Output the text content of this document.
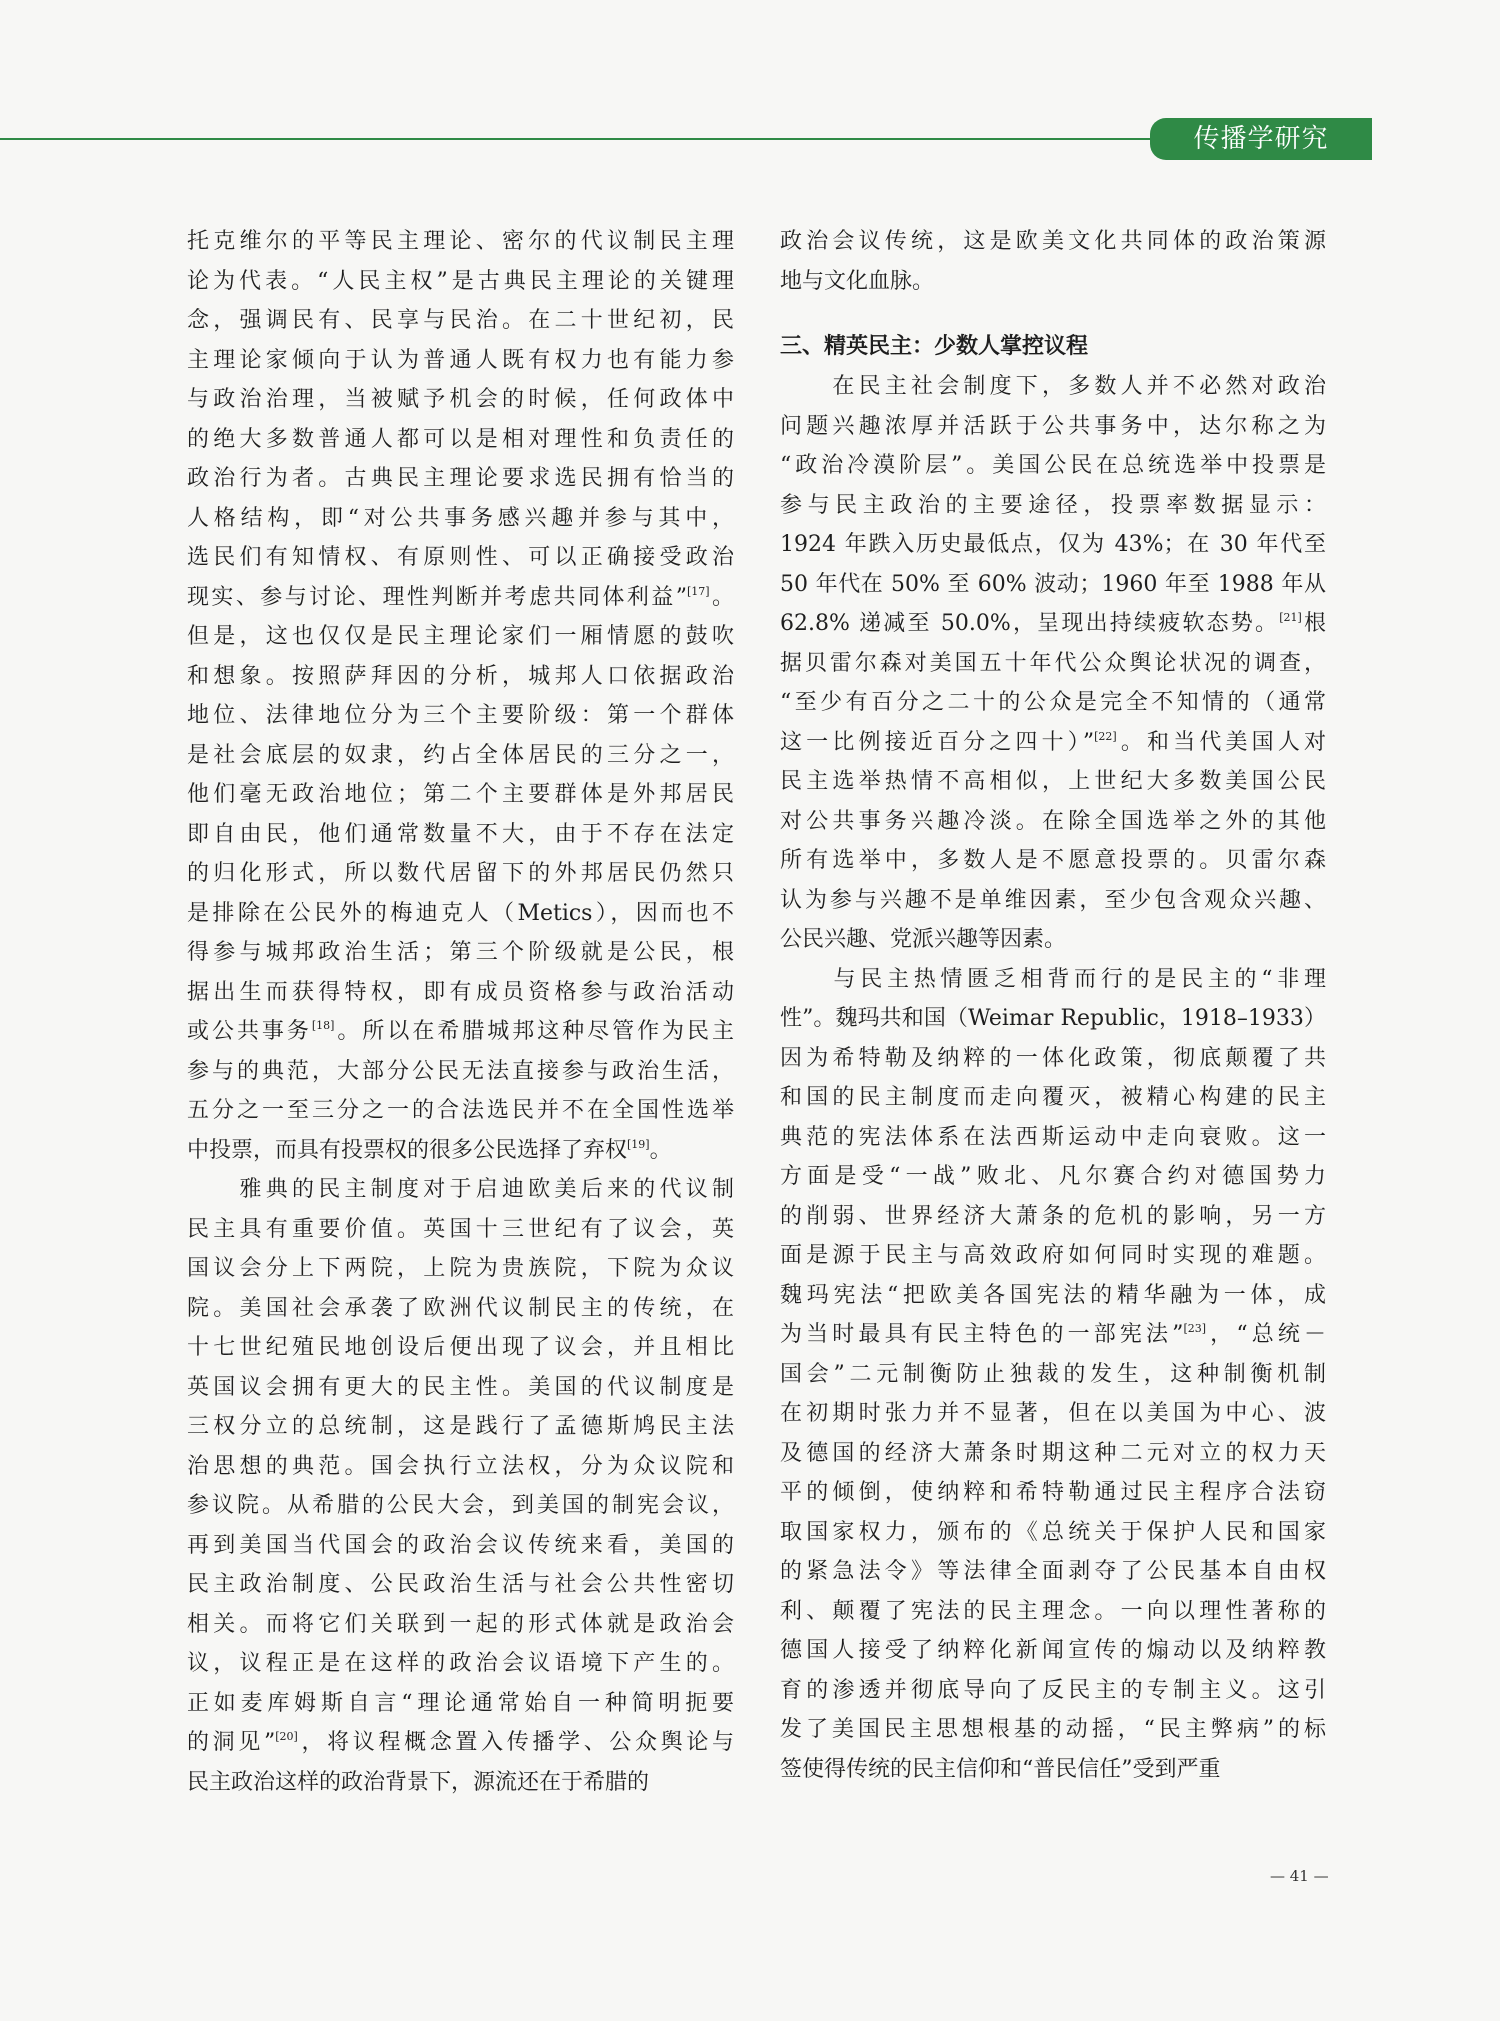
传播学研究
托克维尔的平等民主理论、密尔的代议制民主理
论为代表。“人民主权”是古典民主理论的关键理
念，强调民有、民享与民治。在二十世纪初，民
主理论家倾向于认为普通人既有权力也有能力参
与政治治理，当被赋予机会的时候，任何政体中
的绝大多数普通人都可以是相对理性和负责任的
政治行为者。古典民主理论要求选民拥有恰当的
人格结构，即“对公共事务感兴趣并参与其中，
选民们有知情权、有原则性、可以正确接受政治
现实、参与讨论、理性判断并考虑共同体利益”[17]。
但是，这也仅仅是民主理论家们一厢情愿的鼓吹
和想象。按照萨拜因的分析，城邦人口依据政治
地位、法律地位分为三个主要阶级：第一个群体
是社会底层的奴隶，约占全体居民的三分之一，
他们毫无政治地位；第二个主要群体是外邦居民
即自由民，他们通常数量不大，由于不存在法定
的归化形式，所以数代居留下的外邦居民仍然只
是排除在公民外的梅迪克人（Metics），因而也不
得参与城邦政治生活；第三个阶级就是公民，根
据出生而获得特权，即有成员资格参与政治活动
或公共事务[18]。所以在希腊城邦这种尽管作为民主
参与的典范，大部分公民无法直接参与政治生活，
五分之一至三分之一的合法选民并不在全国性选举
中投票，而具有投票权的很多公民选择了弃权[19]。
　　雅典的民主制度对于启迪欧美后来的代议制
民主具有重要价值。英国十三世纪有了议会，英
国议会分上下两院，上院为贵族院，下院为众议
院。美国社会承袭了欧洲代议制民主的传统，在
十七世纪殖民地创设后便出现了议会，并且相比
英国议会拥有更大的民主性。美国的代议制度是
三权分立的总统制，这是践行了孟德斯鸠民主法
治思想的典范。国会执行立法权，分为众议院和
参议院。从希腊的公民大会，到美国的制宪会议，
再到美国当代国会的政治会议传统来看，美国的
民主政治制度、公民政治生活与社会公共性密切
相关。而将它们关联到一起的形式体就是政治会
议，议程正是在这样的政治会议语境下产生的。
正如麦库姆斯自言“理论通常始自一种简明扼要
的洞见”[20]，将议程概念置入传播学、公众舆论与
民主政治这样的政治背景下，源流还在于希腊的
政治会议传统，这是欧美文化共同体的政治策源
地与文化血脉。
三、精英民主：少数人掌控议程
　　在民主社会制度下，多数人并不必然对政治
问题兴趣浓厚并活跃于公共事务中，达尔称之为
“政治冷漠阶层”。美国公民在总统选举中投票是
参与民主政治的主要途径，投票率数据显示：
1924 年跌入历史最低点，仅为 43%；在 30 年代至
50 年代在 50% 至 60% 波动；1960 年至 1988 年从
62.8% 递减至 50.0%，呈现出持续疲软态势。[21]根
据贝雷尔森对美国五十年代公众舆论状况的调查，
“至少有百分之二十的公众是完全不知情的（通常
这一比例接近百分之四十）”[22]。和当代美国人对
民主选举热情不高相似，上世纪大多数美国公民
对公共事务兴趣冷淡。在除全国选举之外的其他
所有选举中，多数人是不愿意投票的。贝雷尔森
认为参与兴趣不是单维因素，至少包含观众兴趣、
公民兴趣、党派兴趣等因素。
　　与民主热情匮乏相背而行的是民主的“非理
性”。魏玛共和国（Weimar Republic，1918–1933）
因为希特勒及纳粹的一体化政策，彻底颠覆了共
和国的民主制度而走向覆灭，被精心构建的民主
典范的宪法体系在法西斯运动中走向衰败。这一
方面是受“一战”败北、凡尔赛合约对德国势力
的削弱、世界经济大萧条的危机的影响，另一方
面是源于民主与高效政府如何同时实现的难题。
魏玛宪法“把欧美各国宪法的精华融为一体，成
为当时最具有民主特色的一部宪法”[23]，“总统－
国会”二元制衡防止独裁的发生，这种制衡机制
在初期时张力并不显著，但在以美国为中心、波
及德国的经济大萧条时期这种二元对立的权力天
平的倾倒，使纳粹和希特勒通过民主程序合法窃
取国家权力，颁布的《总统关于保护人民和国家
的紧急法令》等法律全面剥夺了公民基本自由权
利、颠覆了宪法的民主理念。一向以理性著称的
德国人接受了纳粹化新闻宣传的煽动以及纳粹教
育的渗透并彻底导向了反民主的专制主义。这引
发了美国民主思想根基的动摇，“民主弊病”的标
签使得传统的民主信仰和“普民信任”受到严重
— 41 —
